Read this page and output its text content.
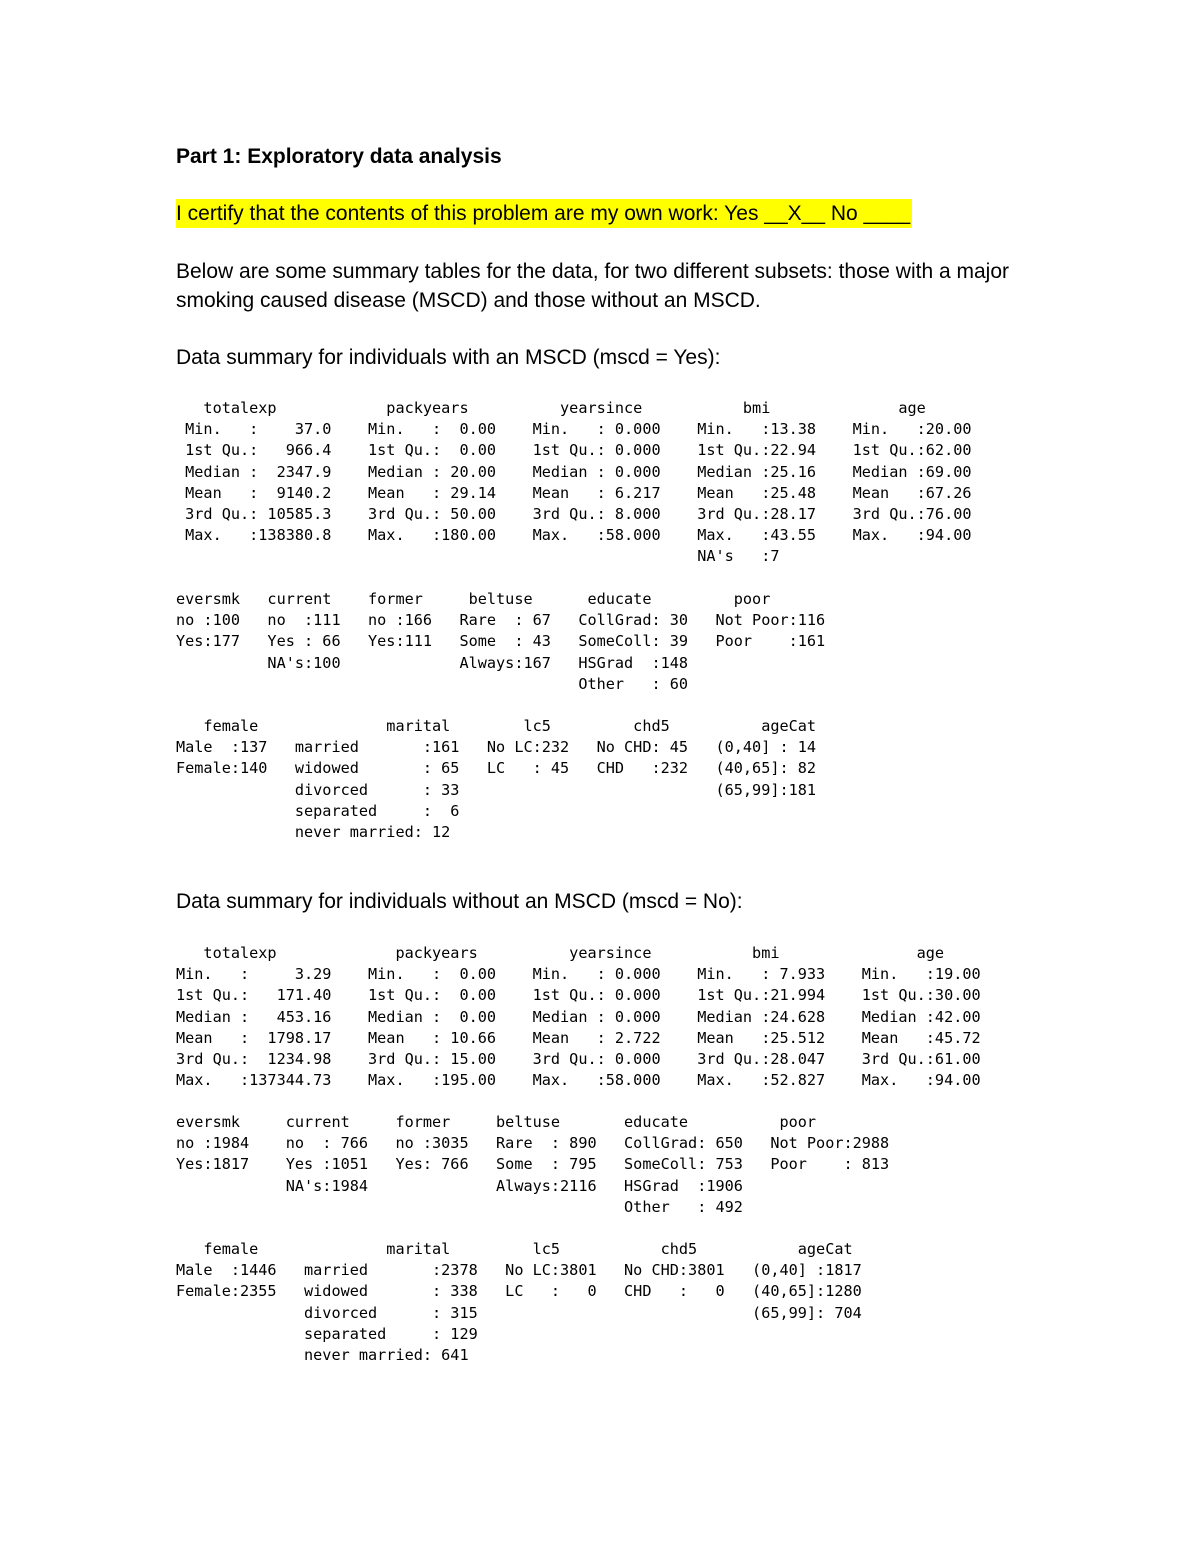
Part 1: Exploratory data analysis
I certify that the contents of this problem are my own work: Yes __X__ No ____
Below are some summary tables for the data, for two different subsets: those with a major smoking caused disease (MSCD) and those without an MSCD.
Data summary for individuals with an MSCD (mscd = Yes):
totalexp            packyears          yearsince           bmi              age
Min.   :    37.0    Min.   :  0.00    Min.   : 0.000    Min.   :13.38    Min.   :20.00
1st Qu.:   966.4    1st Qu.:  0.00    1st Qu.: 0.000    1st Qu.:22.94    1st Qu.:62.00
Median :  2347.9    Median : 20.00    Median : 0.000    Median :25.16    Median :69.00
Mean   :  9140.2    Mean   : 29.14    Mean   : 6.217    Mean   :25.48    Mean   :67.26
3rd Qu.: 10585.3    3rd Qu.: 50.00    3rd Qu.: 8.000    3rd Qu.:28.17    3rd Qu.:76.00
Max.   :138380.8    Max.   :180.00    Max.   :58.000    Max.   :43.55    Max.   :94.00
NA's   :7
eversmk   current    former     beltuse      educate         poor
no :100   no  :111   no :166   Rare  : 67   CollGrad: 30   Not Poor:116
Yes:177   Yes : 66   Yes:111   Some  : 43   SomeColl: 39   Poor    :161
NA's:100             Always:167   HSGrad  :148
Other   : 60
female              marital        lc5         chd5          ageCat
Male  :137   married       :161   No LC:232   No CHD: 45   (0,40] : 14
Female:140   widowed       : 65   LC   : 45   CHD   :232   (40,65]: 82
divorced      : 33                            (65,99]:181
separated     :  6
never married: 12
Data summary for individuals without an MSCD (mscd = No):
totalexp             packyears          yearsince           bmi               age
Min.   :     3.29    Min.   :  0.00    Min.   : 0.000    Min.   : 7.933    Min.   :19.00
1st Qu.:   171.40    1st Qu.:  0.00    1st Qu.: 0.000    1st Qu.:21.994    1st Qu.:30.00
Median :   453.16    Median :  0.00    Median : 0.000    Median :24.628    Median :42.00
Mean   :  1798.17    Mean   : 10.66    Mean   : 2.722    Mean   :25.512    Mean   :45.72
3rd Qu.:  1234.98    3rd Qu.: 15.00    3rd Qu.: 0.000    3rd Qu.:28.047    3rd Qu.:61.00
Max.   :137344.73    Max.   :195.00    Max.   :58.000    Max.   :52.827    Max.   :94.00
eversmk     current     former     beltuse       educate          poor
no :1984    no  : 766   no :3035   Rare  : 890   CollGrad: 650   Not Poor:2988
Yes:1817    Yes :1051   Yes: 766   Some  : 795   SomeColl: 753   Poor    : 813
NA's:1984              Always:2116   HSGrad  :1906
Other   : 492
female              marital         lc5           chd5           ageCat
Male  :1446   married       :2378   No LC:3801   No CHD:3801   (0,40] :1817
Female:2355   widowed       : 338   LC   :   0   CHD   :   0   (40,65]:1280
divorced      : 315                              (65,99]: 704
separated     : 129
never married: 641
